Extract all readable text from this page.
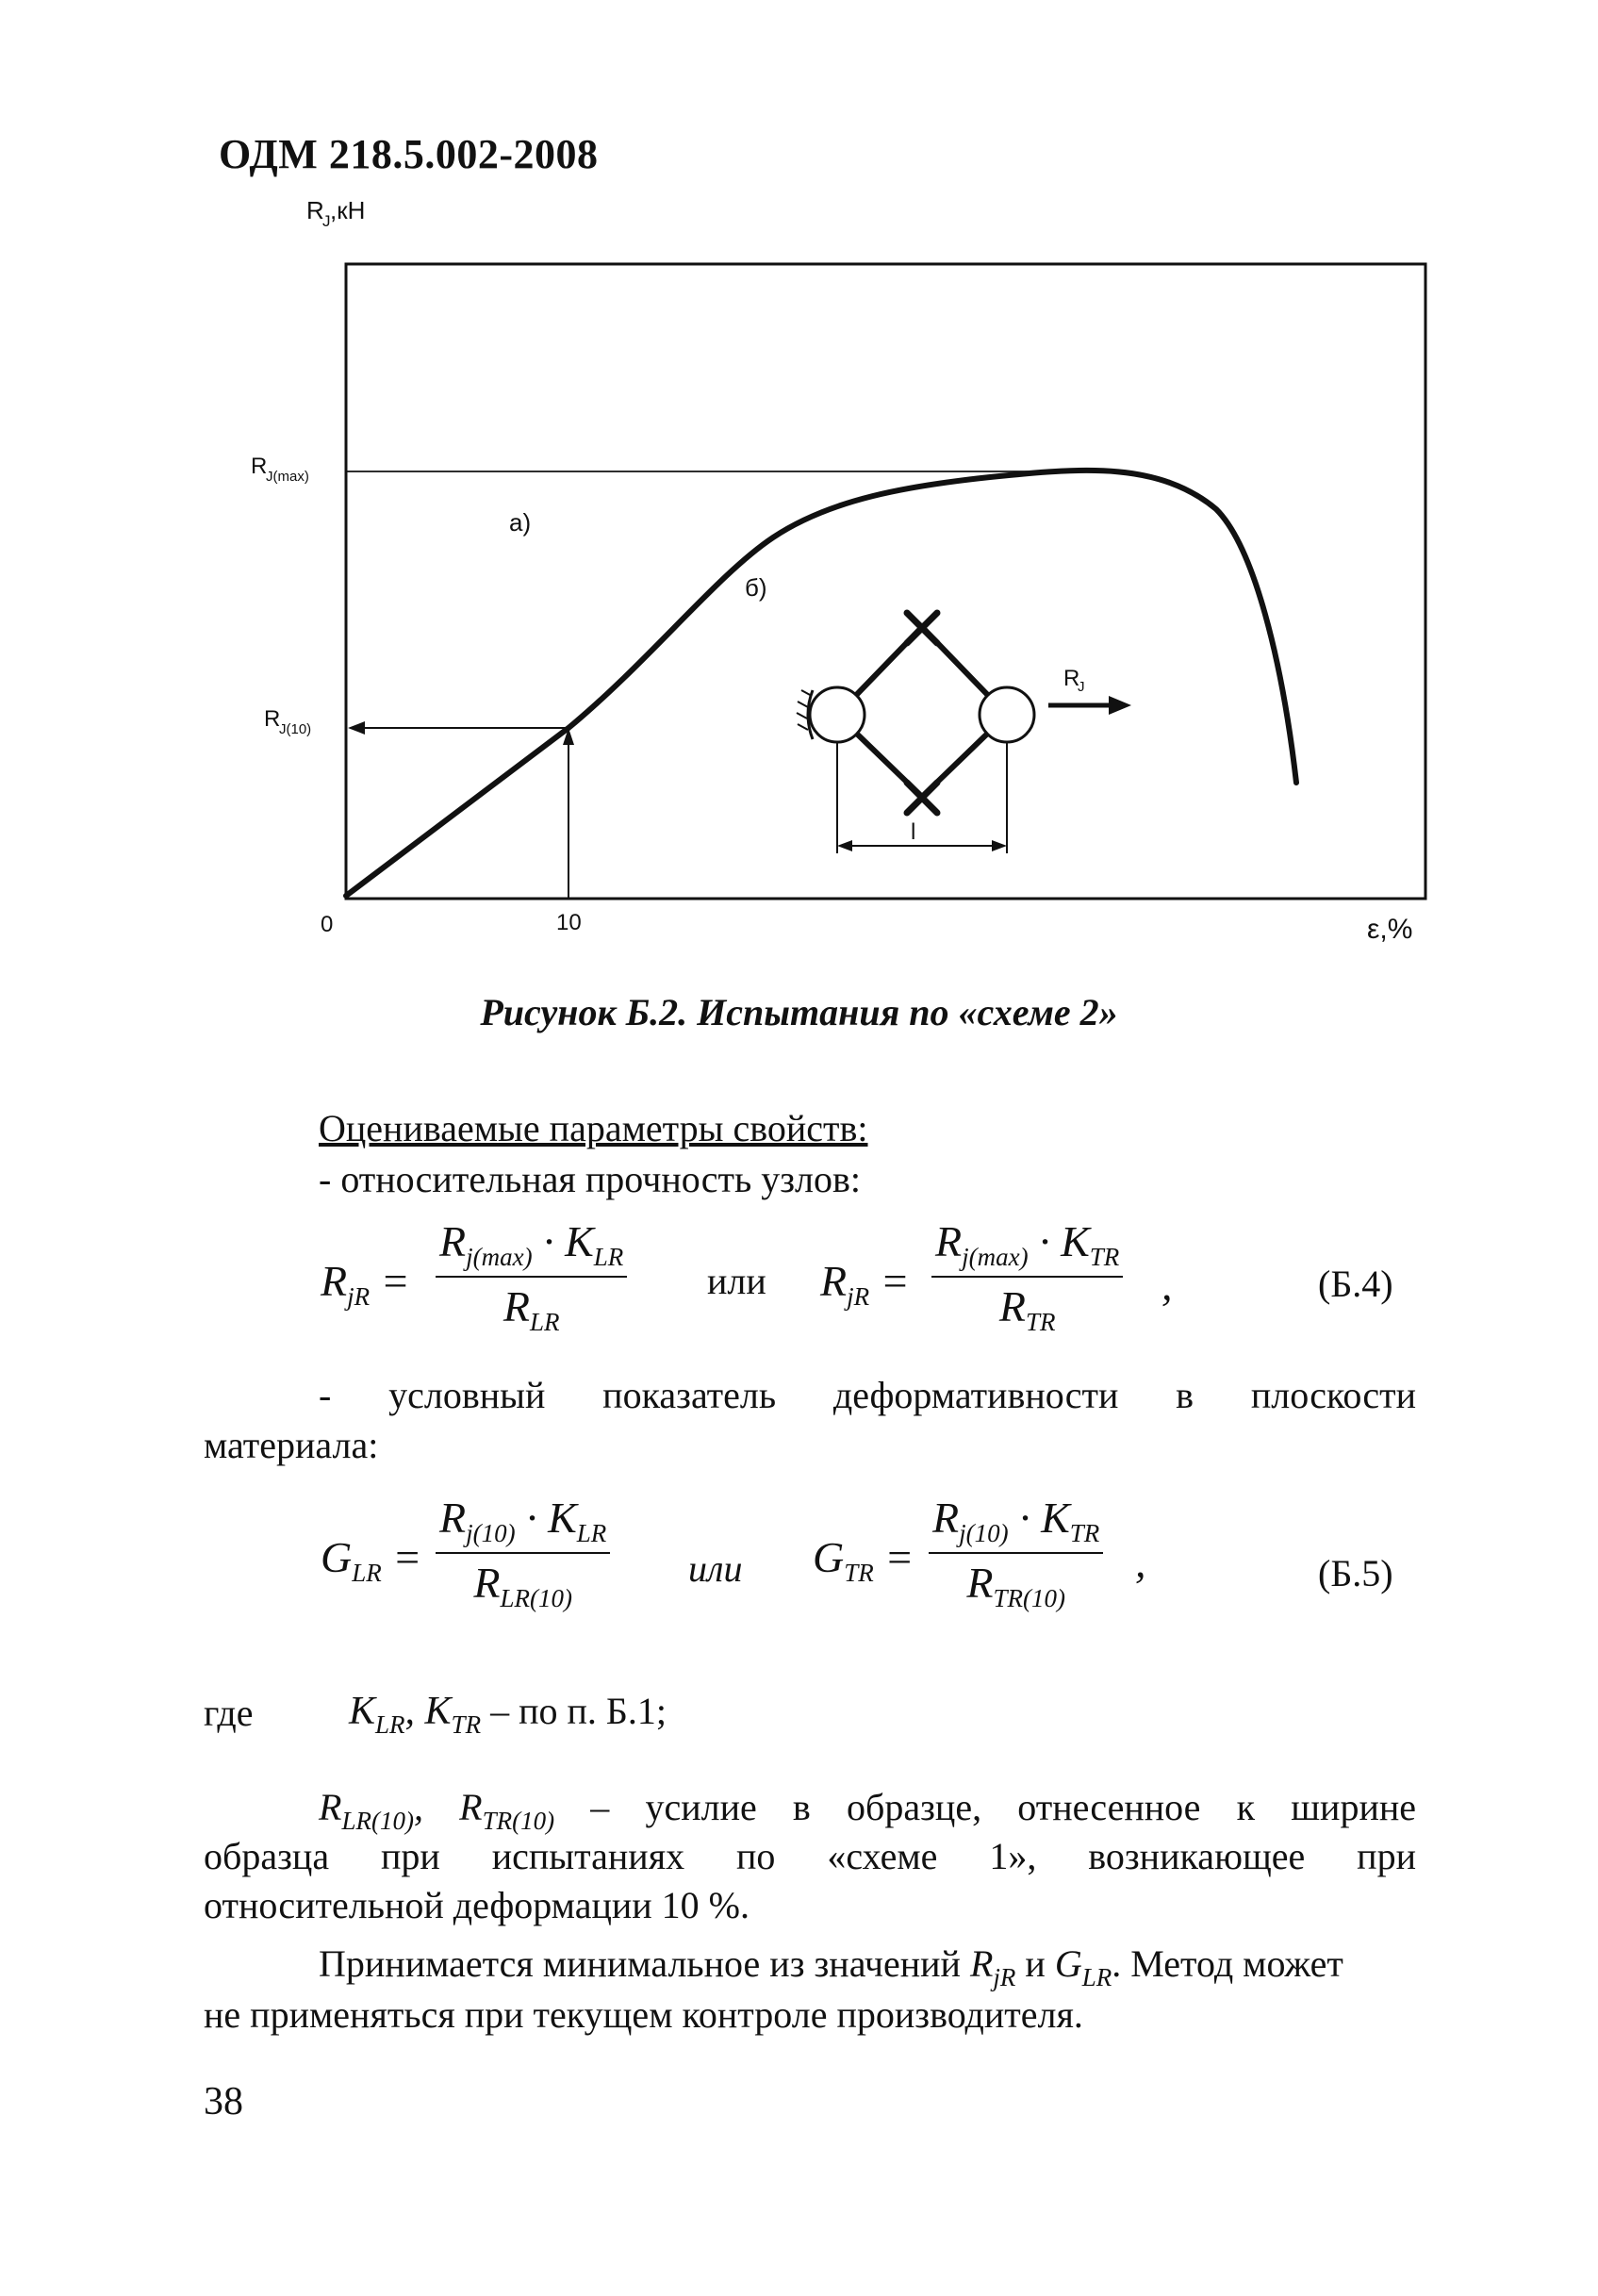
ОДМ 218.5.002-2008
R
J ,кН
0	10	ε,%
R
J(max)
R
J(10)
а)
б)
l
R
J
Рисунок Б.2. Испытания по «схеме 2»
Оцениваемые параметры свойств:
- относительная прочность узлов:
$R_{jR}$ =
$R_{j(max)} \cdot K_{LR}$
$R_{LR}$
или $R_{jR}$ =
$R_{j(max)} \cdot K_{TR}$
$R_{TR}$
,	(Б.4)
- условный показатель деформативности в плоскости
материала:
$G_{LR}$ =
$R_{j(10)} \cdot K_{LR}$
$R_{LR(10)}$
или $G_{TR}$ =
$R_{j(10)} \cdot K_{TR}$
$R_{TR(10)}$
,	(Б.5)
где $K_{LR}$, $K_{TR}$ – по п. Б.1;
$R_{LR(10)}$, $R_{TR(10)}$ – усилие в образце, отнесенное к ширине
образца при испытаниях по «схеме 1», возникающее при
относительной деформации 10 %.
Принимается минимальное из значений $R_{jR}$ и $G_{LR}$. Метод может
не применяться при текущем контроле производителя.
38
